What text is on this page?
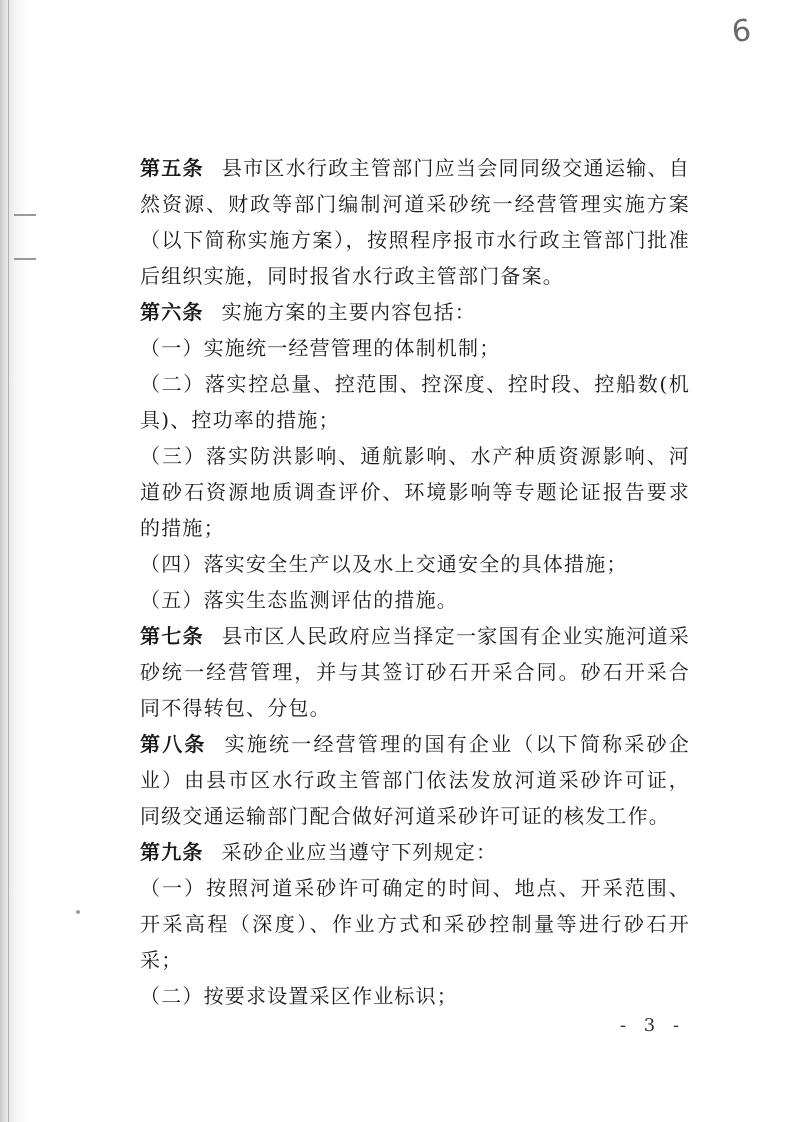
6

第五条 县市区水行政主管部门应当会同同级交通运输、自然资源、财政等部门编制河道采砂统一经营管理实施方案（以下简称实施方案），按照程序报市水行政主管部门批准后组织实施，同时报省水行政主管部门备案。

第六条 实施方案的主要内容包括：

（一）实施统一经营管理的体制机制；

（二）落实控总量、控范围、控深度、控时段、控船数(机具)、控功率的措施；

（三）落实防洪影响、通航影响、水产种质资源影响、河道砂石资源地质调查评价、环境影响等专题论证报告要求的措施；

（四）落实安全生产以及水上交通安全的具体措施；

（五）落实生态监测评估的措施。

第七条 县市区人民政府应当择定一家国有企业实施河道采砂统一经营管理，并与其签订砂石开采合同。砂石开采合同不得转包、分包。

第八条 实施统一经营管理的国有企业（以下简称采砂企业）由县市区水行政主管部门依法发放河道采砂许可证，同级交通运输部门配合做好河道采砂许可证的核发工作。

第九条 采砂企业应当遵守下列规定：

（一）按照河道采砂许可确定的时间、地点、开采范围、开采高程（深度）、作业方式和采砂控制量等进行砂石开采；

（二）按要求设置采区作业标识；

- 3 -
